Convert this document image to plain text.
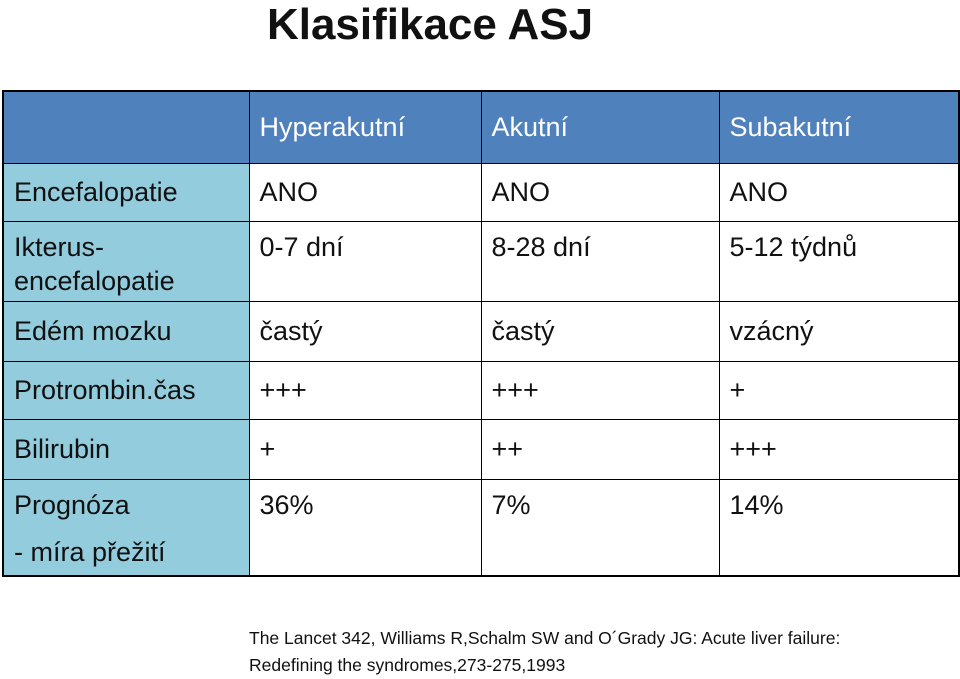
Klasifikace ASJ
	Hyperakutní	Akutní	Subakutní
Encefalopatie	ANO	ANO	ANO

Ikterus-
encefalopatie	0-7 dní	8-28 dní	5-12 týdnů
Edém mozku	častý	častý	vzácný
Protrombin.čas	+++	+++	+
Bilirubin	+	++	+++
Prognóza
- míra přežití	36%	7%	14%
The Lancet 342, Williams R,Schalm SW and O´Grady JG: Acute liver failure:
Redefining the syndromes,273-275,1993
